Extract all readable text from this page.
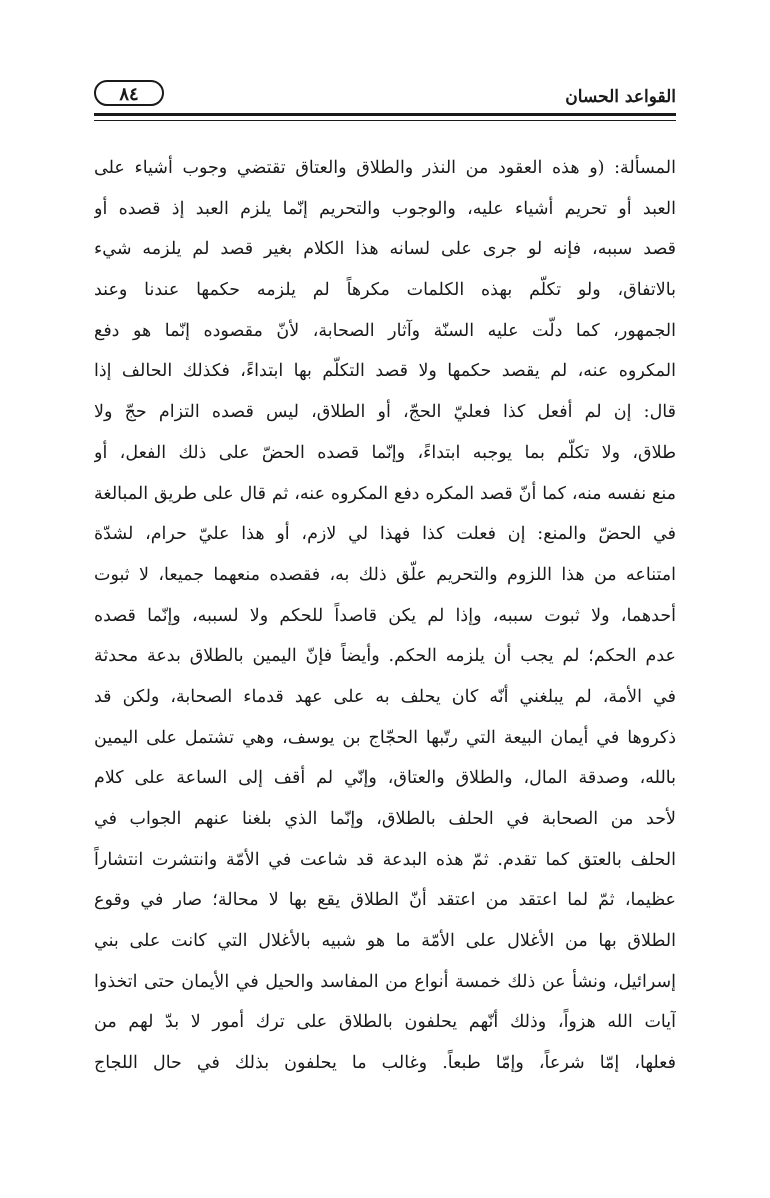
القواعد الحسان
٨٤
المسألة: (و هذه العقود من النذر والطلاق والعتاق تقتضي وجوب أشياء على
العبد أو تحريم أشياء عليه، والوجوب والتحريم إنّما يلزم العبد إذ قصده أو
قصد سببه، فإنه لو جرى على لسانه هذا الكلام بغير قصد لم يلزمه شيء
بالاتفاق، ولو تكلّم بهذه الكلمات مكرهاً لم يلزمه حكمها عندنا وعند
الجمهور، كما دلّت عليه السنّة وآثار الصحابة، لأنّ مقصوده إنّما هو دفع
المكروه عنه، لم يقصد حكمها ولا قصد التكلّم بها ابتداءً، فكذلك الحالف إذا
قال: إن لم أفعل كذا فعليّ الحجّ، أو الطلاق، ليس قصده التزام حجّ ولا
طلاق، ولا تكلّم بما يوجبه ابتداءً، وإنّما قصده الحضّ على ذلك الفعل، أو
منع نفسه منه، كما أنّ قصد المكره دفع المكروه عنه، ثم قال على طريق المبالغة
في الحضّ والمنع: إن فعلت كذا فهذا لي لازم، أو هذا عليّ حرام، لشدّة
امتناعه من هذا اللزوم والتحريم علّق ذلك به، فقصده منعهما جميعا، لا ثبوت
أحدهما، ولا ثبوت سببه، وإذا لم يكن قاصداً للحكم ولا لسببه، وإنّما قصده
عدم الحكم؛ لم يجب أن يلزمه الحكم. وأيضاً فإنّ اليمين بالطلاق بدعة محدثة
في الأمة، لم يبلغني أنّه كان يحلف به على عهد قدماء الصحابة، ولكن قد
ذكروها في أيمان البيعة التي رتّبها الحجّاج بن يوسف، وهي تشتمل على اليمين
بالله، وصدقة المال، والطلاق والعتاق، وإنّي لم أقف إلى الساعة على كلام
لأحد من الصحابة في الحلف بالطلاق، وإنّما الذي بلغنا عنهم الجواب في
الحلف بالعتق كما تقدم. ثمّ هذه البدعة قد شاعت في الأمّة وانتشرت انتشاراً
عظيما، ثمّ لما اعتقد من اعتقد أنّ الطلاق يقع بها لا محالة؛ صار في وقوع
الطلاق بها من الأغلال على الأمّة ما هو شبيه بالأغلال التي كانت على بني
إسرائيل، ونشأ عن ذلك خمسة أنواع من المفاسد والحيل في الأيمان حتى اتخذوا
آيات الله هزواً، وذلك أنّهم يحلفون بالطلاق على ترك أمور لا بدّ لهم من
فعلها، إمّا شرعاً، وإمّا طبعاً. وغالب ما يحلفون بذلك في حال اللجاج
